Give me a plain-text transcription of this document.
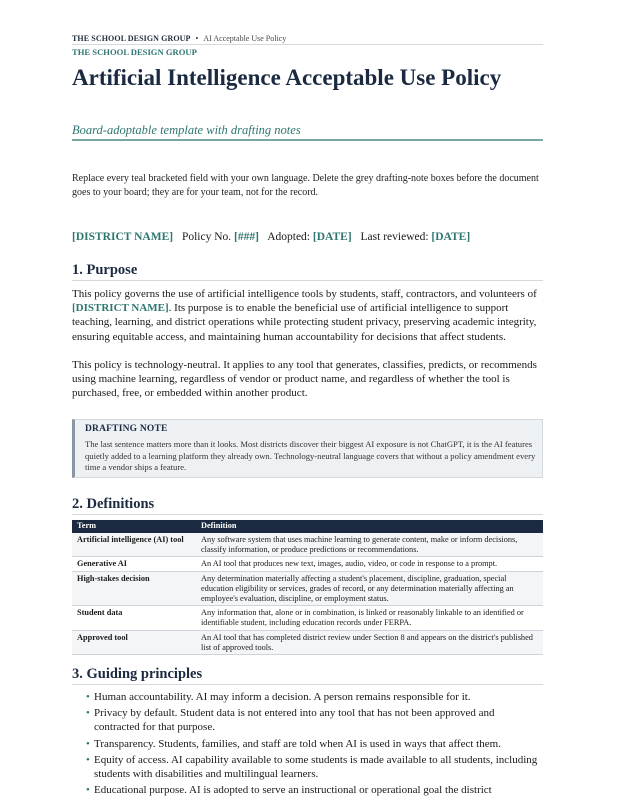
THE SCHOOL DESIGN GROUP • AI Acceptable Use Policy
THE SCHOOL DESIGN GROUP
Artificial Intelligence Acceptable Use Policy
Board-adoptable template with drafting notes

Replace every teal bracketed field with your own language. Delete the grey drafting-note boxes before the document goes to your board; they are for your team, not for the record.

[DISTRICT NAME] Policy No. [###] Adopted: [DATE] Last reviewed: [DATE]
1. Purpose

This policy governs the use of artificial intelligence tools by students, staff, contractors, and volunteers of [DISTRICT NAME]. Its purpose is to enable the beneficial use of artificial intelligence to support teaching, learning, and district operations while protecting student privacy, preserving academic integrity, ensuring equitable access, and maintaining human accountability for decisions that affect students.

This policy is technology-neutral. It applies to any tool that generates, classifies, predicts, or recommends using machine learning, regardless of vendor or product name, and regardless of whether the tool is purchased, free, or embedded within another product.

DRAFTING NOTE

The last sentence matters more than it looks. Most districts discover their biggest AI exposure is not ChatGPT, it is the AI features quietly added to a learning platform they already own. Technology-neutral language covers that without a policy amendment every time a vendor ships a feature.

2. Definitions
Term	Definition
Artificial intelligence (AI) tool	Any software system that uses machine learning to generate content, make or inform decisions, classify information, or produce predictions or recommendations.
Generative AI	An AI tool that produces new text, images, audio, video, or code in response to a prompt.
High-stakes decision	Any determination materially affecting a student's placement, discipline, graduation, special education eligibility or services, grades of record, or any determination materially affecting an employee's evaluation, discipline, or employment status.
Student data	Any information that, alone or in combination, is linked or reasonably linkable to an identified or identifiable student, including education records under FERPA.
Approved tool	An AI tool that has completed district review under Section 8 and appears on the district's published list of approved tools.
3. Guiding principles
• Human accountability. AI may inform a decision. A person remains responsible for it.
• Privacy by default. Student data is not entered into any tool that has not been approved and contracted for that purpose.
• Transparency. Students, families, and staff are told when AI is used in ways that affect them.
• Equity of access. AI capability available to some students is made available to all students, including students with disabilities and multilingual learners.
• Educational purpose. AI is adopted to serve an instructional or operational goal the district
